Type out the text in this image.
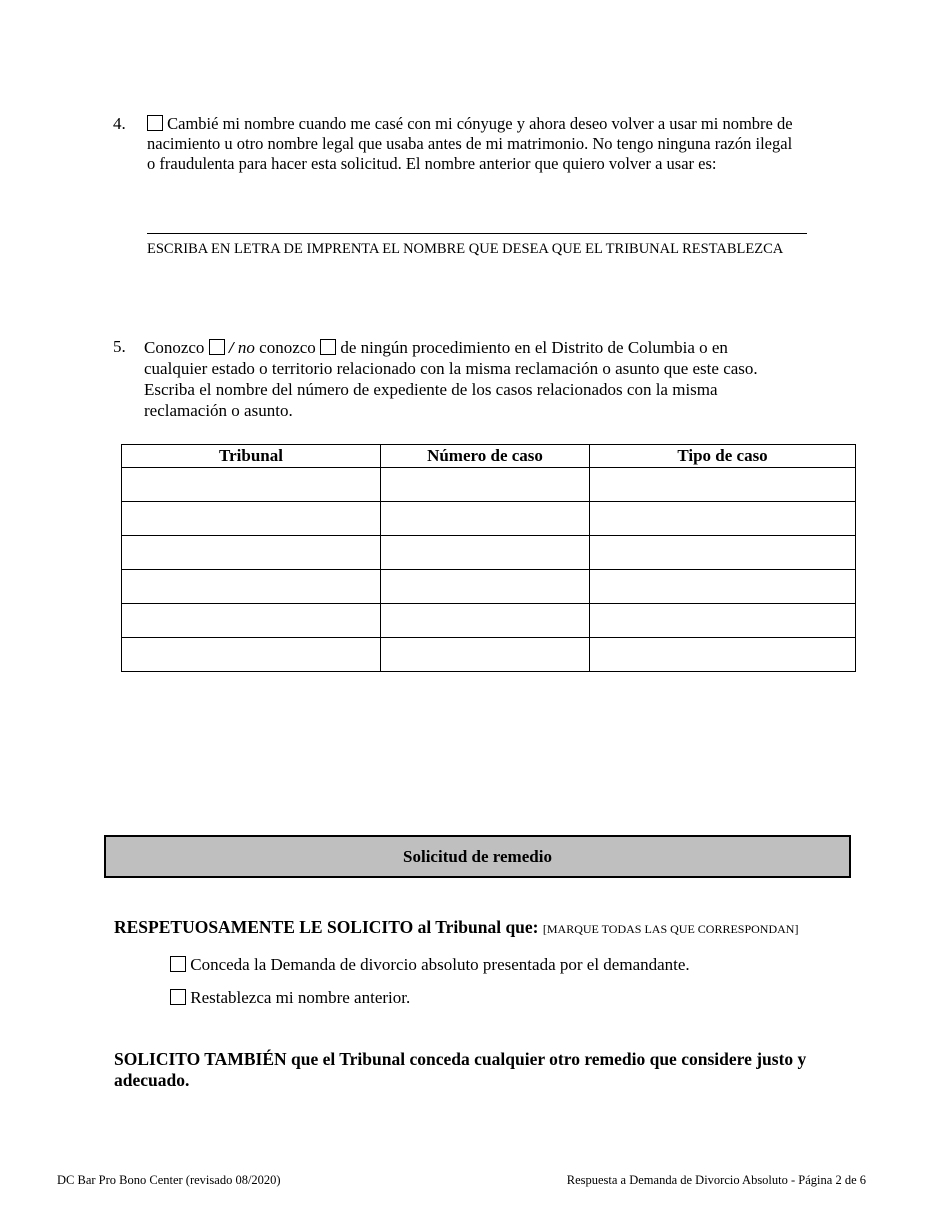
4.	Cambié mi nombre cuando me casé con mi cónyuge y ahora deseo volver a usar mi nombre de nacimiento u otro nombre legal que usaba antes de mi matrimonio. No tengo ninguna razón ilegal o fraudulenta para hacer esta solicitud. El nombre anterior que quiero volver a usar es:
ESCRIBA EN LETRA DE IMPRENTA EL NOMBRE QUE DESEA QUE EL TRIBUNAL RESTABLEZCA
5. Conozco / no conozco de ningún procedimiento en el Distrito de Columbia o en cualquier estado o territorio relacionado con la misma reclamación o asunto que este caso. Escriba el nombre del número de expediente de los casos relacionados con la misma reclamación o asunto.
Tribunal	Número de caso	Tipo de caso

Solicitud de remedio
RESPETUOSAMENTE LE SOLICITO al Tribunal que: [MARQUE TODAS LAS QUE CORRESPONDAN]
Conceda la Demanda de divorcio absoluto presentada por el demandante.
Restablezca mi nombre anterior.
SOLICITO TAMBIÉN que el Tribunal conceda cualquier otro remedio que considere justo y adecuado.
DC Bar Pro Bono Center (revisado 08/2020)	Respuesta a Demanda de Divorcio Absoluto - Página 2 de 6
